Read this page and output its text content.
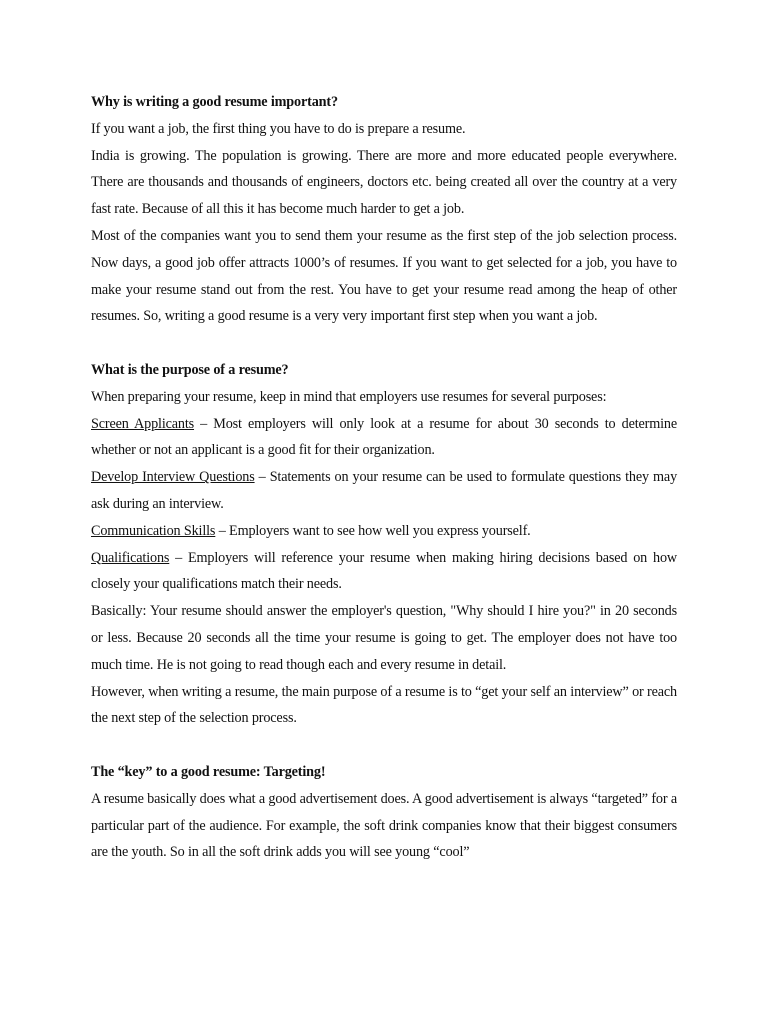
Why is writing a good resume important?

If you want a job, the first thing you have to do is prepare a resume.

India is growing. The population is growing. There are more and more educated people everywhere. There are thousands and thousands of engineers, doctors etc. being created all over the country at a very fast rate. Because of all this it has become much harder to get a job.

Most of the companies want you to send them your resume as the first step of the job selection process. Now days, a good job offer attracts 1000’s of resumes. If you want to get selected for a job, you have to make your resume stand out from the rest. You have to get your resume read among the heap of other resumes. So, writing a good resume is a very very important first step when you want a job.

What is the purpose of a resume?

When preparing your resume, keep in mind that employers use resumes for several purposes:

Screen Applicants – Most employers will only look at a resume for about 30 seconds to determine whether or not an applicant is a good fit for their organization.

Develop Interview Questions – Statements on your resume can be used to formulate questions they may ask during an interview.

Communication Skills – Employers want to see how well you express yourself.

Qualifications – Employers will reference your resume when making hiring decisions based on how closely your qualifications match their needs.

Basically: Your resume should answer the employer's question, "Why should I hire you?" in 20 seconds or less. Because 20 seconds all the time your resume is going to get. The employer does not have too much time. He is not going to read though each and every resume in detail.

However, when writing a resume, the main purpose of a resume is to “get your self an interview” or reach the next step of the selection process.

The “key” to a good resume: Targeting!

A resume basically does what a good advertisement does. A good advertisement is always “targeted” for a particular part of the audience. For example, the soft drink companies know that their biggest consumers are the youth. So in all the soft drink adds you will see young “cool”
